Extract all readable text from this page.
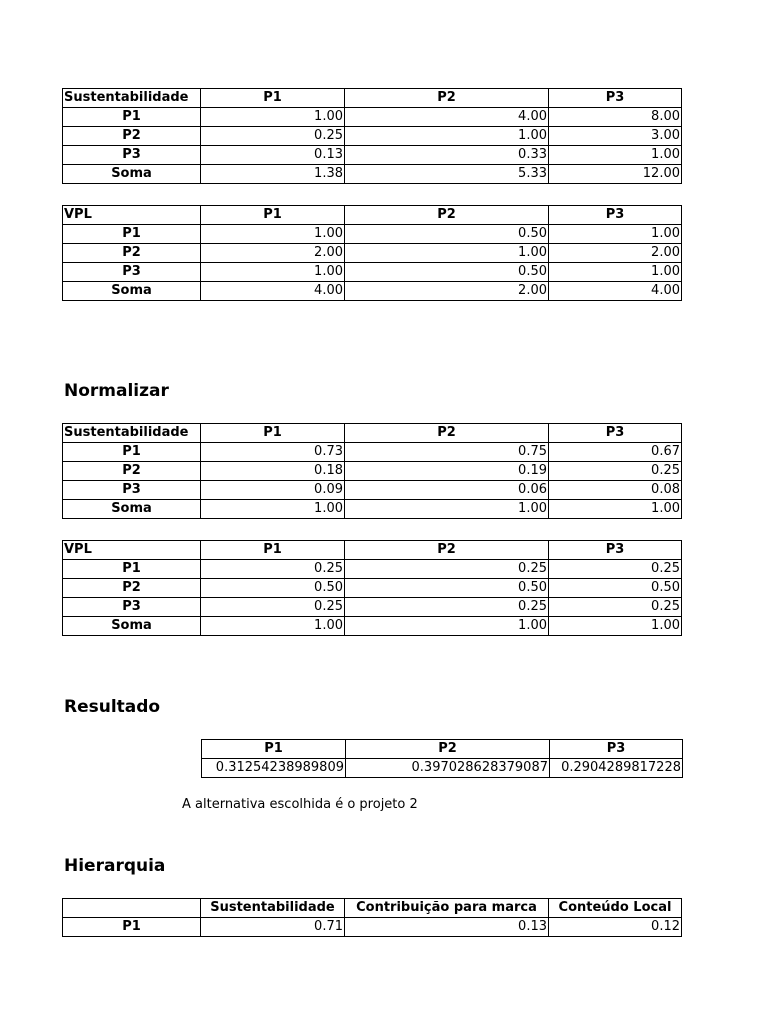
Sustentabilidade	P1	P2	P3
P1	1.00	4.00	8.00
P2	0.25	1.00	3.00
P3	0.13	0.33	1.00
Soma	1.38	5.33	12.00
VPL	P1	P2	P3
P1	1.00	0.50	1.00
P2	2.00	1.00	2.00
P3	1.00	0.50	1.00
Soma	4.00	2.00	4.00
Normalizar
Sustentabilidade	P1	P2	P3
P1	0.73	0.75	0.67
P2	0.18	0.19	0.25
P3	0.09	0.06	0.08
Soma	1.00	1.00	1.00
VPL	P1	P2	P3
P1	0.25	0.25	0.25
P2	0.50	0.50	0.50
P3	0.25	0.25	0.25
Soma	1.00	1.00	1.00
Resultado
P1	P2	P3
0.31254238989809	0.397028628379087	0.2904289817228
A alternativa escolhida é o projeto 2
Hierarquia
	Sustentabilidade	Contribuição para marca	Conteúdo Local
P1	0.71	0.13	0.12
